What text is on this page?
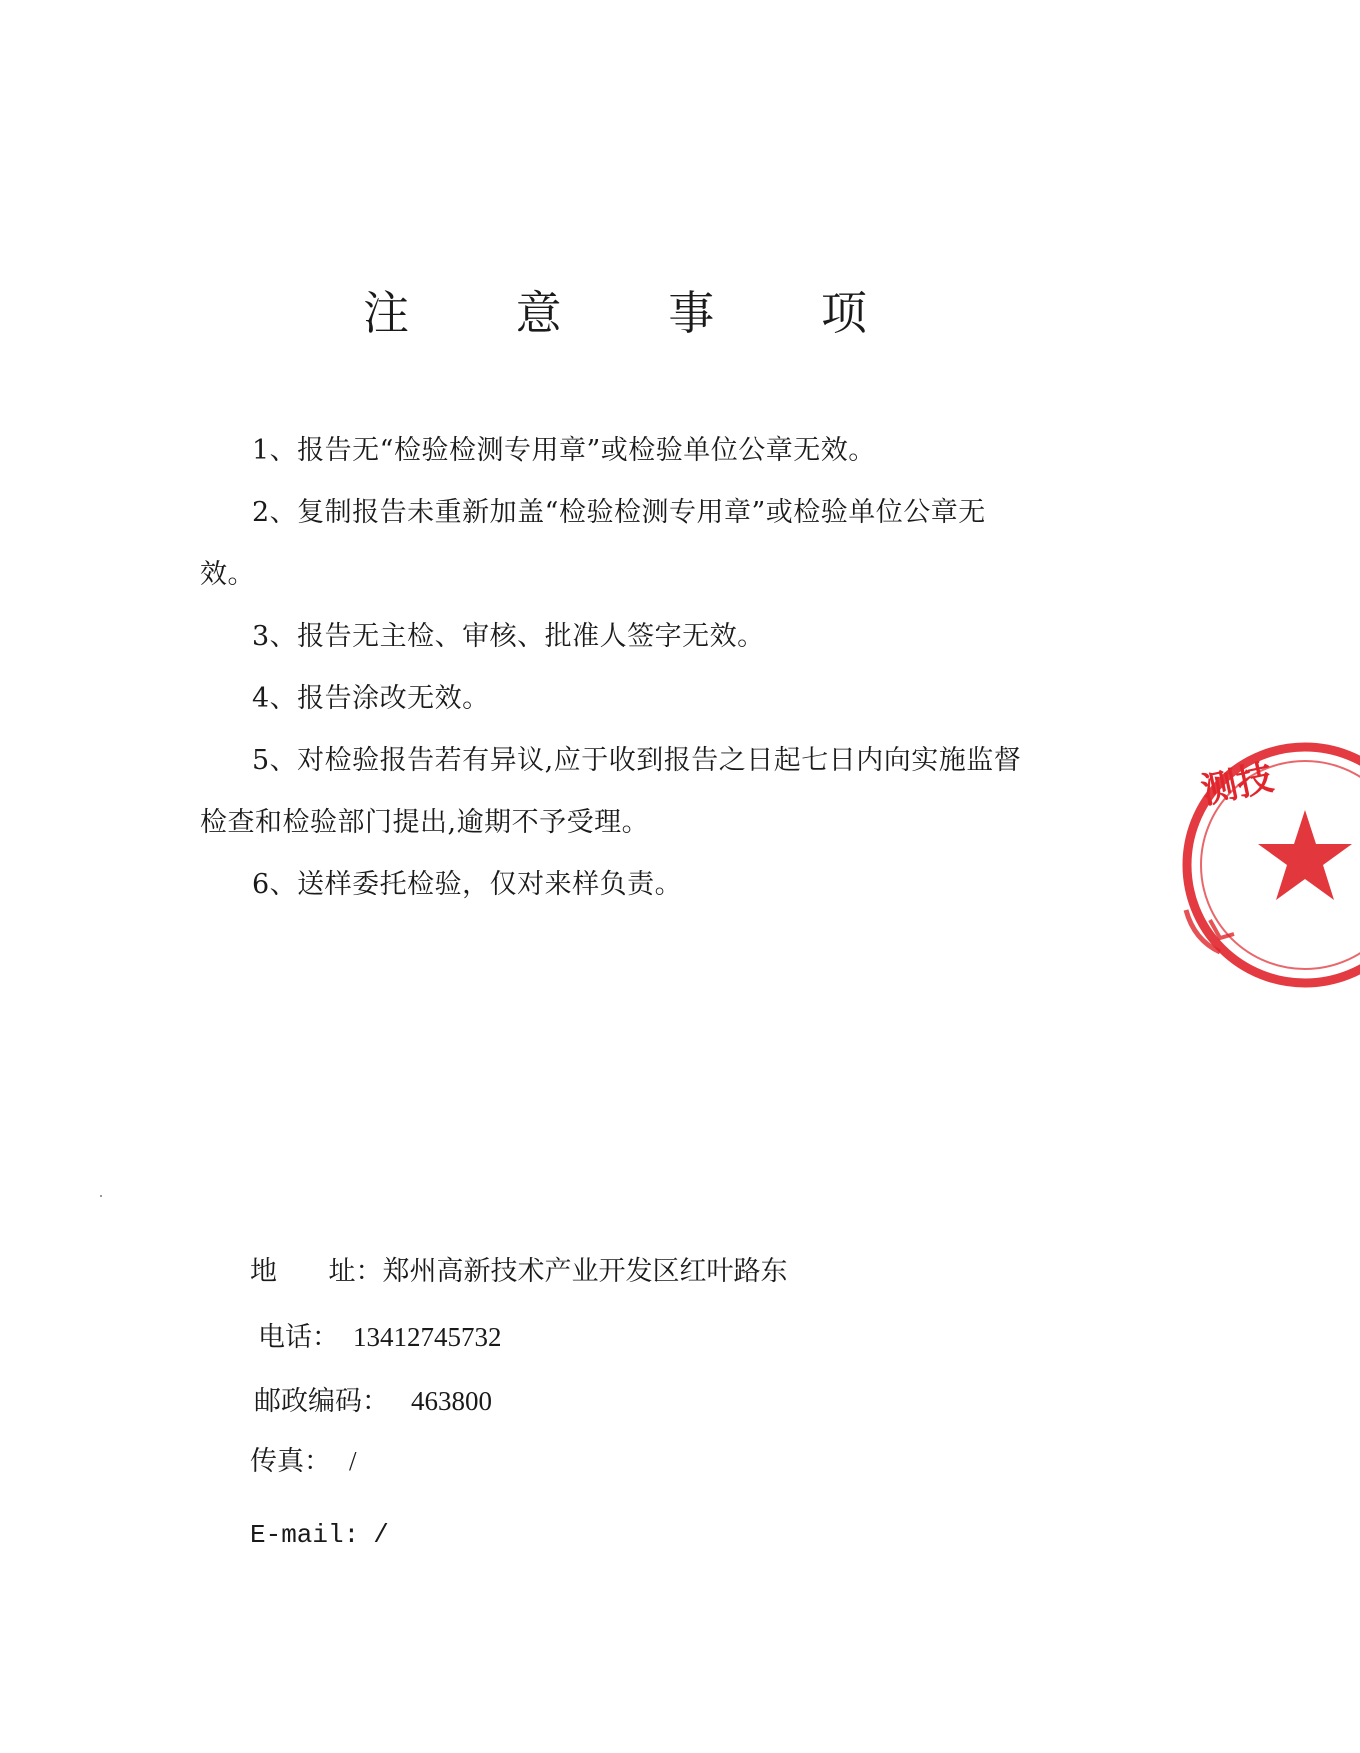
注 意 事 项

1、报告无“检验检测专用章”或检验单位公章无效。

2、复制报告未重新加盖“检验检测专用章”或检验单位公章无效。

3、报告无主检、审核、批准人签字无效。

4、报告涂改无效。

5、对检验报告若有异议,应于收到报告之日起七日内向实施监督检查和检验部门提出,逾期不予受理。

6、送样委托检验，仅对来样负责。

地      址：郑州高新技术产业开发区红叶路东
电话： 13412745732
邮政编码： 463800
传真： /
E-mail: /
测技
